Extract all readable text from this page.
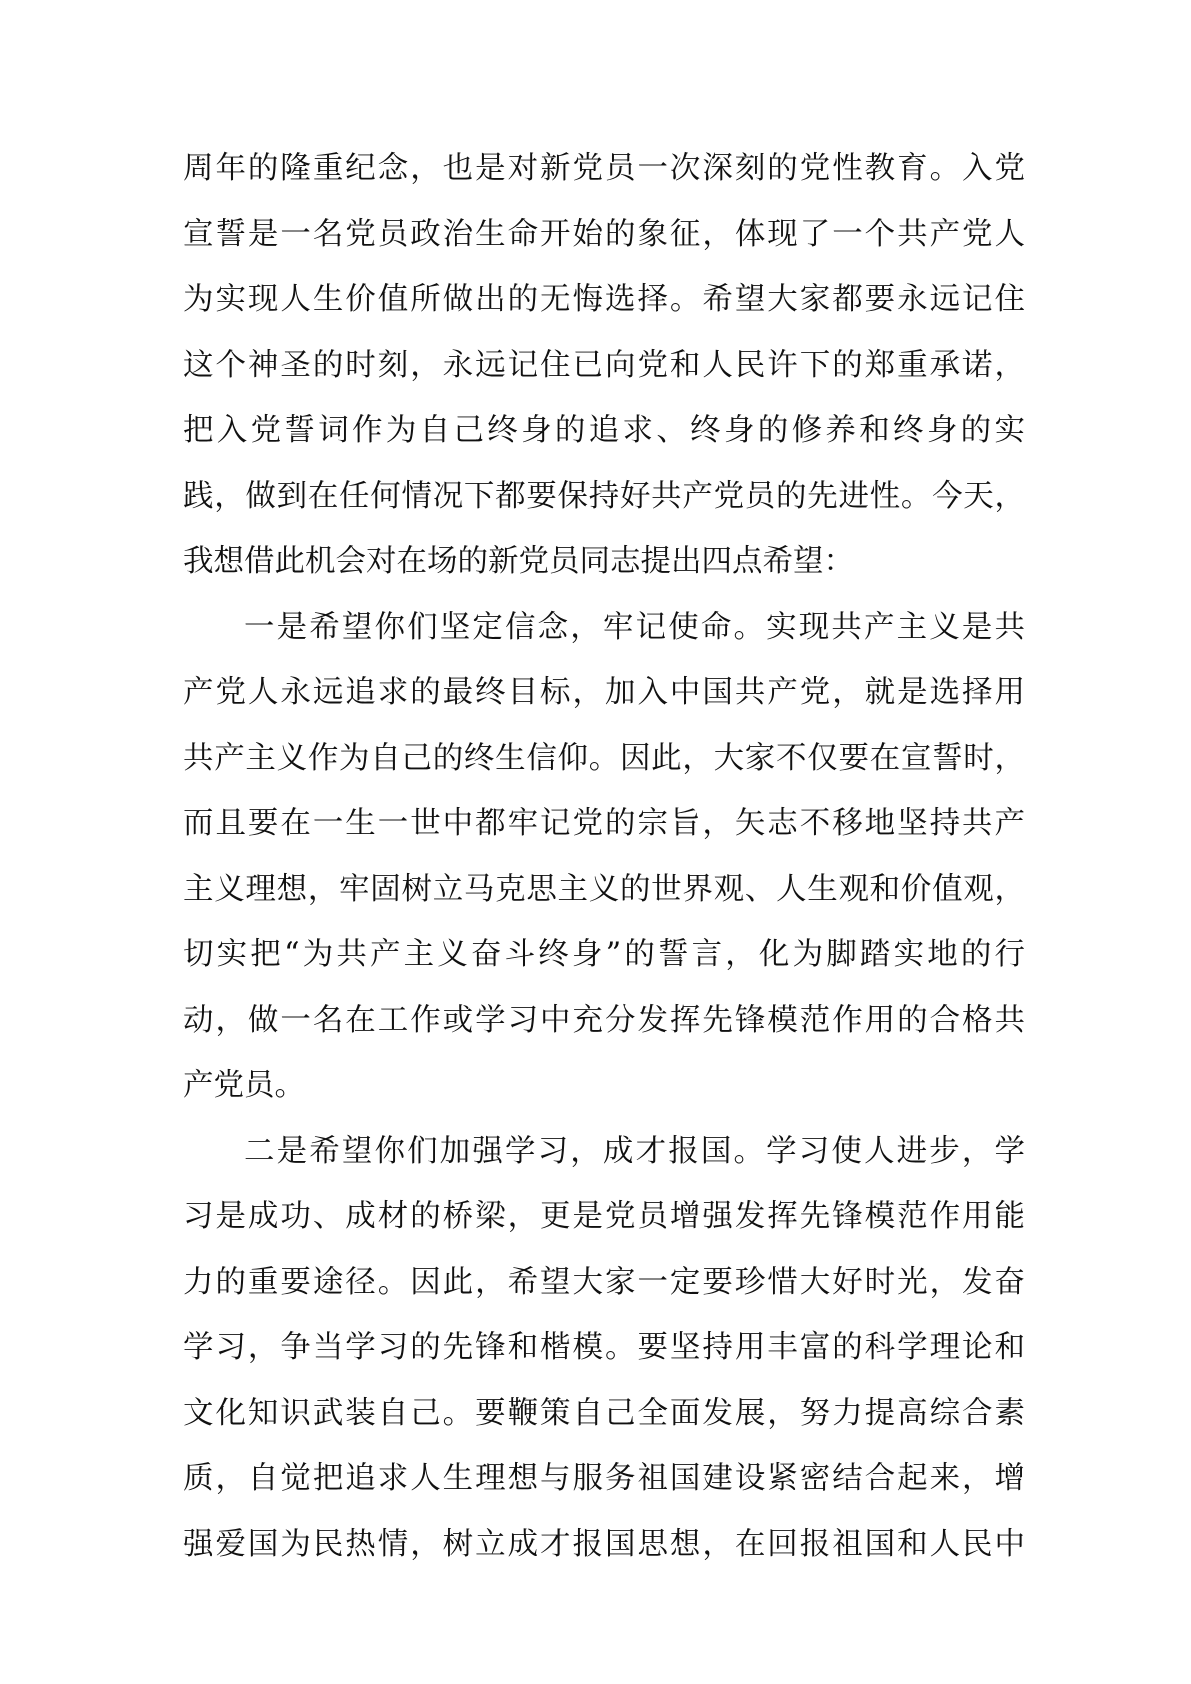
周年的隆重纪念，也是对新党员一次深刻的党性教育。入党
宣誓是一名党员政治生命开始的象征，体现了一个共产党人
为实现人生价值所做出的无悔选择。希望大家都要永远记住
这个神圣的时刻，永远记住已向党和人民许下的郑重承诺，
把入党誓词作为自己终身的追求、终身的修养和终身的实
践，做到在任何情况下都要保持好共产党员的先进性。今天，
我想借此机会对在场的新党员同志提出四点希望：
一是希望你们坚定信念，牢记使命。实现共产主义是共
产党人永远追求的最终目标，加入中国共产党，就是选择用
共产主义作为自己的终生信仰。因此，大家不仅要在宣誓时，
而且要在一生一世中都牢记党的宗旨，矢志不移地坚持共产
主义理想，牢固树立马克思主义的世界观、人生观和价值观，
切实把“为共产主义奋斗终身”的誓言，化为脚踏实地的行
动，做一名在工作或学习中充分发挥先锋模范作用的合格共
产党员。
二是希望你们加强学习，成才报国。学习使人进步，学
习是成功、成材的桥梁，更是党员增强发挥先锋模范作用能
力的重要途径。因此，希望大家一定要珍惜大好时光，发奋
学习，争当学习的先锋和楷模。要坚持用丰富的科学理论和
文化知识武装自己。要鞭策自己全面发展，努力提高综合素
质，自觉把追求人生理想与服务祖国建设紧密结合起来，增
强爱国为民热情，树立成才报国思想，在回报祖国和人民中
